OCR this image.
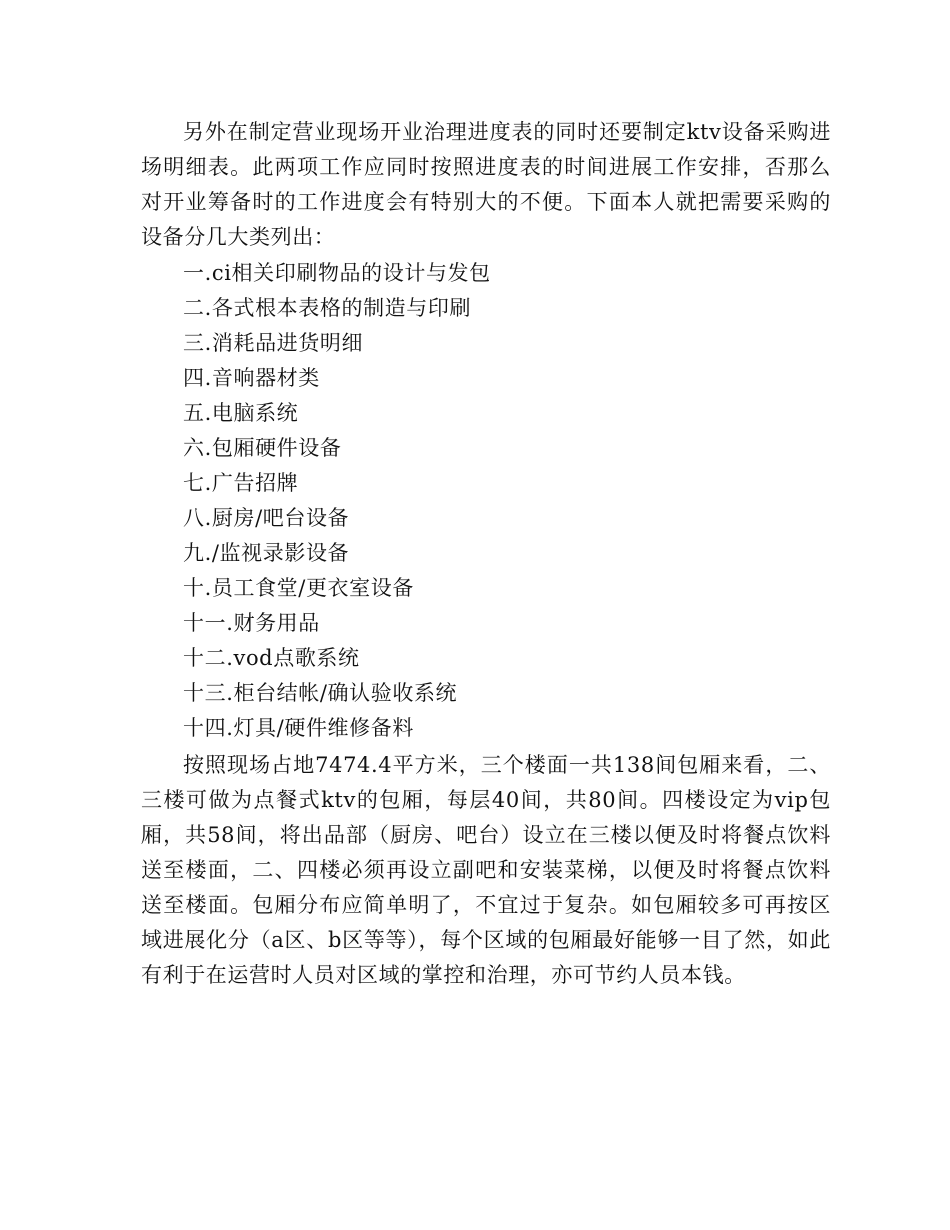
另外在制定营业现场开业治理进度表的同时还要制定ktv设备采购进场明细表。此两项工作应同时按照进度表的时间进展工作安排，否那么对开业筹备时的工作进度会有特别大的不便。下面本人就把需要采购的设备分几大类列出：

一.ci相关印刷物品的设计与发包
二.各式根本表格的制造与印刷
三.消耗品进货明细
四.音响器材类
五.电脑系统
六.包厢硬件设备
七.广告招牌
八.厨房/吧台设备
九./监视录影设备
十.员工食堂/更衣室设备
十一.财务用品
十二.vod点歌系统
十三.柜台结帐/确认验收系统
十四.灯具/硬件维修备料

按照现场占地7474.4平方米，三个楼面一共138间包厢来看，二、三楼可做为点餐式ktv的包厢，每层40间，共80间。四楼设定为vip包厢，共58间，将出品部（厨房、吧台）设立在三楼以便及时将餐点饮料送至楼面，二、四楼必须再设立副吧和安装菜梯，以便及时将餐点饮料送至楼面。包厢分布应简单明了，不宜过于复杂。如包厢较多可再按区域进展化分（a区、b区等等），每个区域的包厢最好能够一目了然，如此有利于在运营时人员对区域的掌控和治理，亦可节约人员本钱。
